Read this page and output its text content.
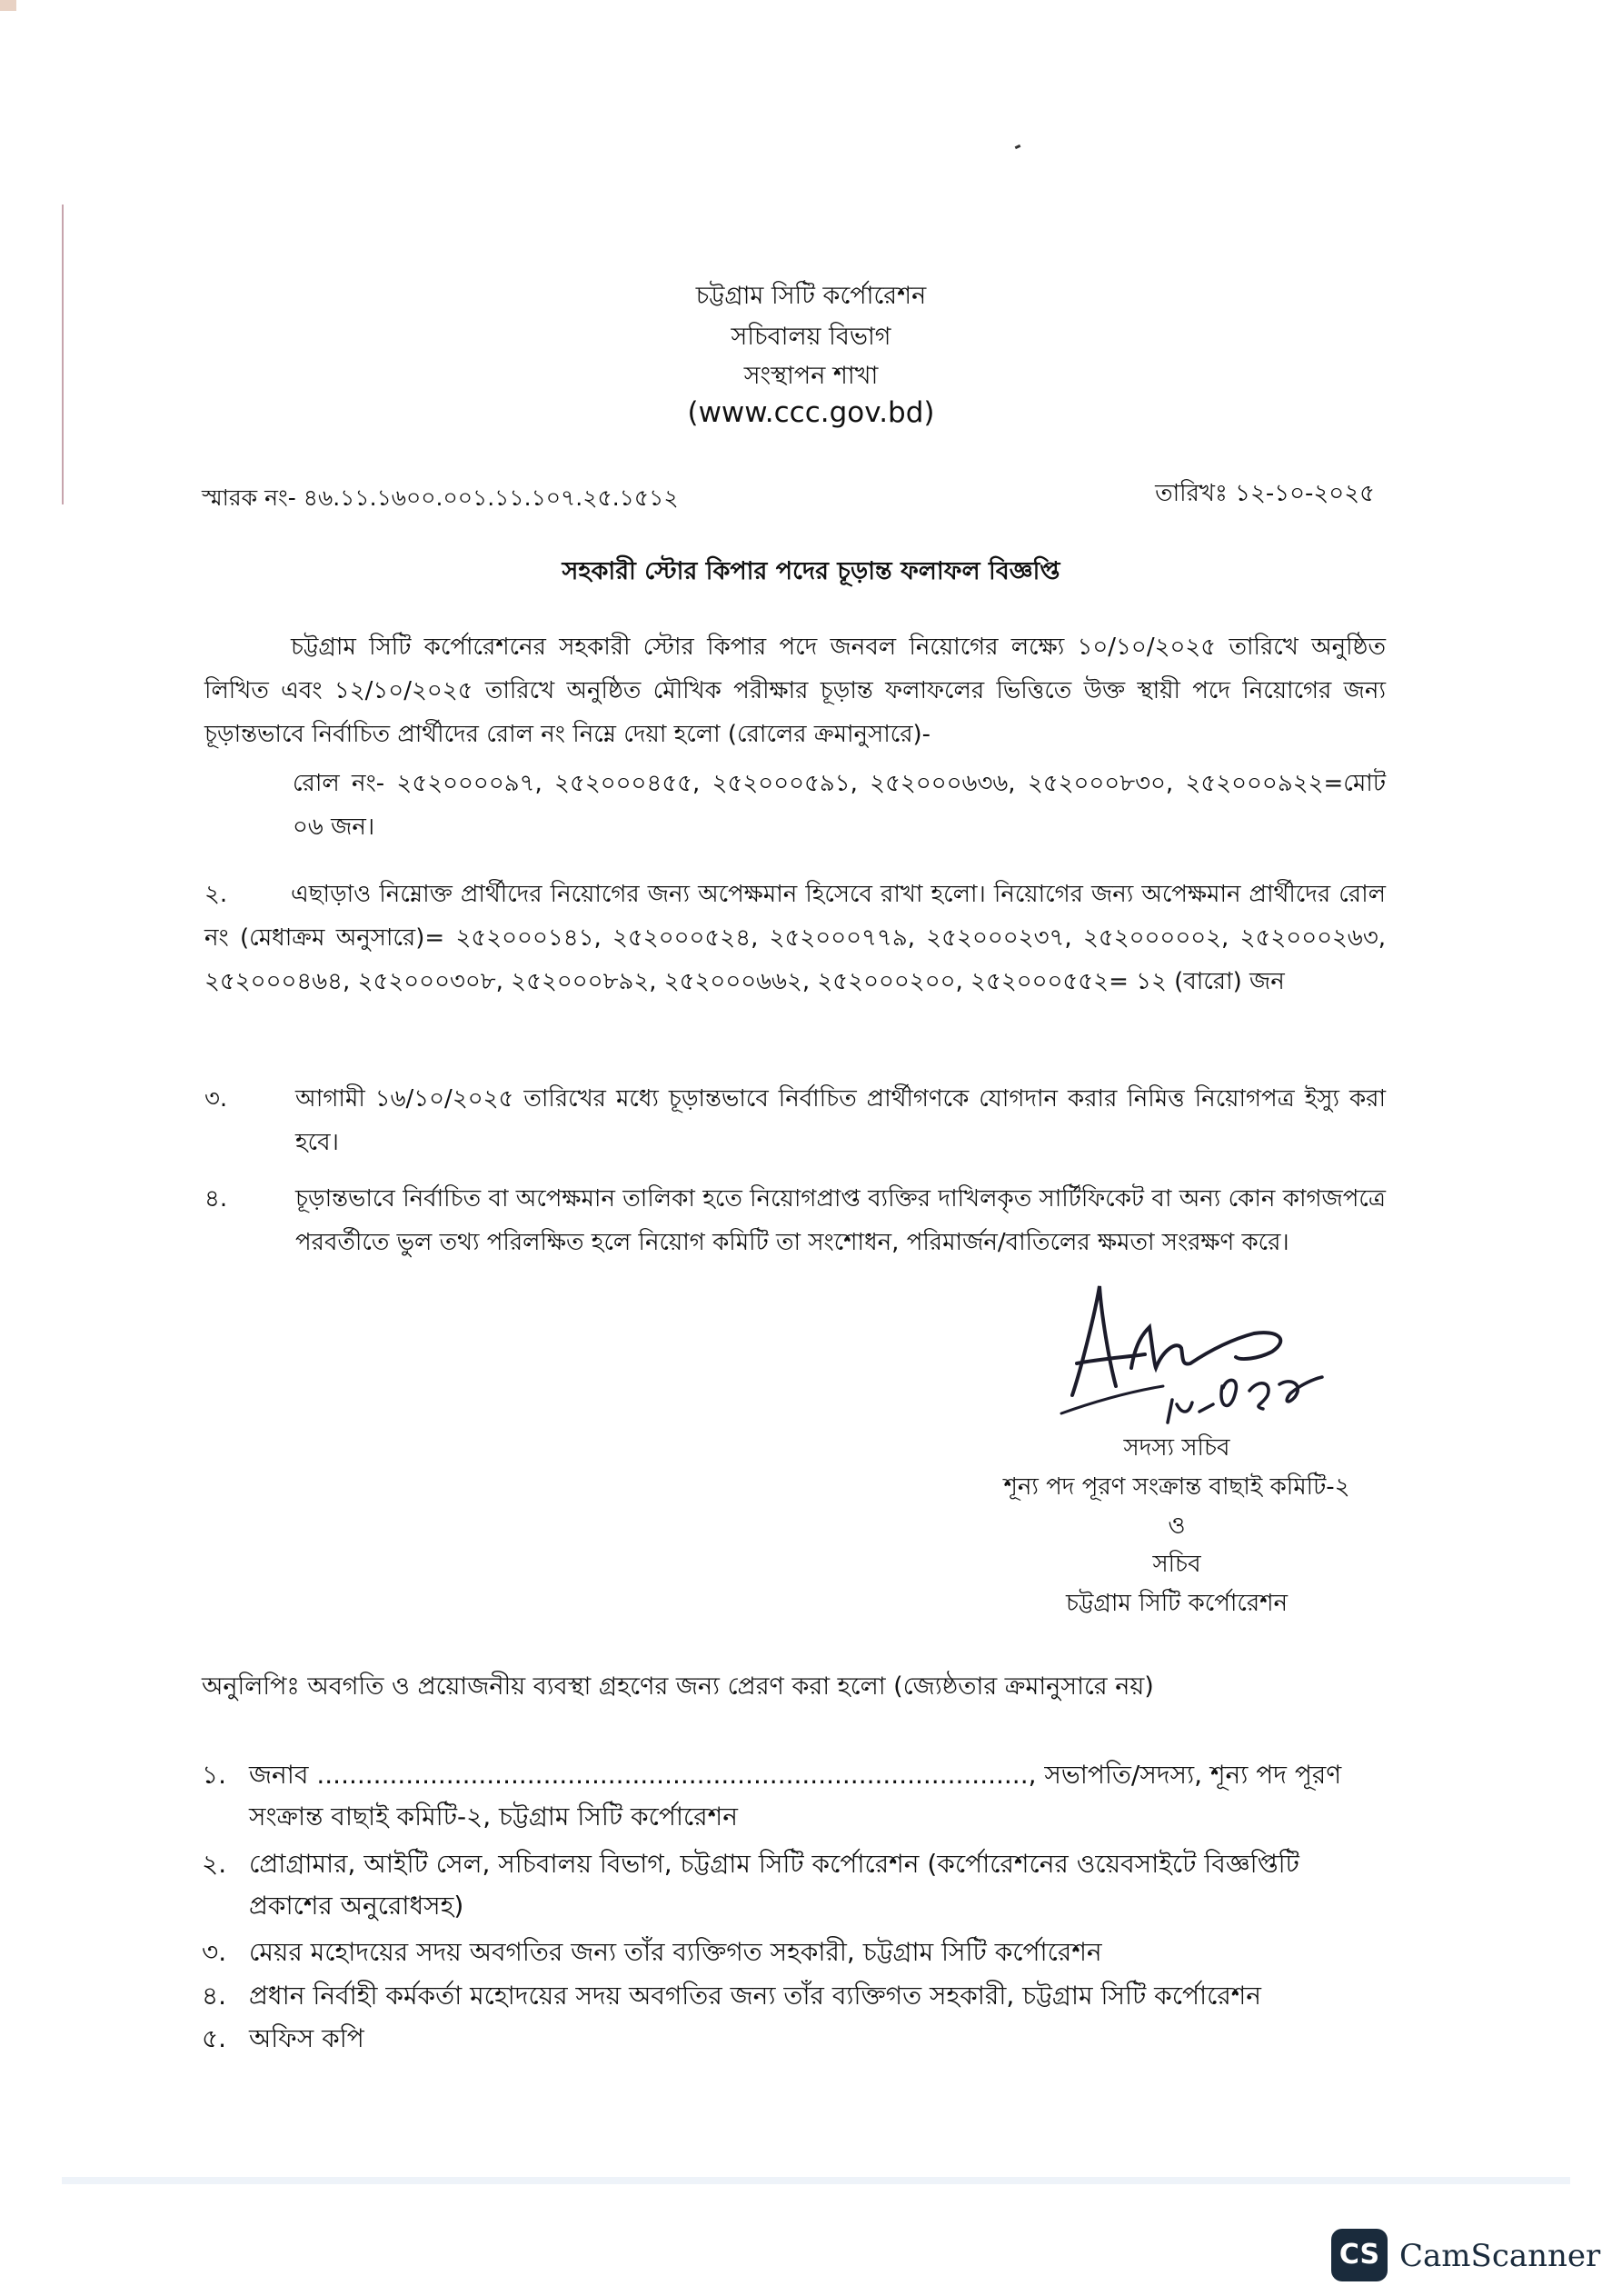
চট্টগ্রাম সিটি কর্পোরেশন
সচিবালয় বিভাগ
সংস্থাপন শাখা
(www.ccc.gov.bd)
স্মারক নং- ৪৬.১১.১৬০০.০০১.১১.১০৭.২৫.১৫১২	তারিখঃ ১২-১০-২০২৫
সহকারী স্টোর কিপার পদের চূড়ান্ত ফলাফল বিজ্ঞপ্তি
চট্টগ্রাম সিটি কর্পোরেশনের সহকারী স্টোর কিপার পদে জনবল নিয়োগের লক্ষ্যে ১০/১০/২০২৫ তারিখে অনুষ্ঠিত লিখিত এবং ১২/১০/২০২৫ তারিখে অনুষ্ঠিত মৌখিক পরীক্ষার চূড়ান্ত ফলাফলের ভিত্তিতে উক্ত স্থায়ী পদে নিয়োগের জন্য চূড়ান্তভাবে নির্বাচিত প্রার্থীদের রোল নং নিম্নে দেয়া হলো (রোলের ক্রমানুসারে)-
রোল নং- ২৫২০০০০৯৭, ২৫২০০০৪৫৫, ২৫২০০০৫৯১, ২৫২০০০৬৩৬, ২৫২০০০৮৩০, ২৫২০০০৯২২=মোট ০৬ জন।
২.	এছাড়াও নিম্নোক্ত প্রার্থীদের নিয়োগের জন্য অপেক্ষমান হিসেবে রাখা হলো। নিয়োগের জন্য অপেক্ষমান প্রার্থীদের রোল নং (মেধাক্রম অনুসারে)= ২৫২০০০১৪১, ২৫২০০০৫২৪, ২৫২০০০৭৭৯, ২৫২০০০২৩৭, ২৫২০০০০০২, ২৫২০০০২৬৩, ২৫২০০০৪৬৪, ২৫২০০০৩০৮, ২৫২০০০৮৯২, ২৫২০০০৬৬২, ২৫২০০০২০০, ২৫২০০০৫৫২= ১২ (বারো) জন
৩.	আগামী ১৬/১০/২০২৫ তারিখের মধ্যে চূড়ান্তভাবে নির্বাচিত প্রার্থীগণকে যোগদান করার নিমিত্ত নিয়োগপত্র ইস্যু করা হবে।
৪.	চূড়ান্তভাবে নির্বাচিত বা অপেক্ষমান তালিকা হতে নিয়োগপ্রাপ্ত ব্যক্তির দাখিলকৃত সার্টিফিকেট বা অন্য কোন কাগজপত্রে পরবর্তীতে ভুল তথ্য পরিলক্ষিত হলে নিয়োগ কমিটি তা সংশোধন, পরিমার্জন/বাতিলের ক্ষমতা সংরক্ষণ করে।
সদস্য সচিব
শূন্য পদ পূরণ সংক্রান্ত বাছাই কমিটি-২
ও
সচিব
চট্টগ্রাম সিটি কর্পোরেশন
অনুলিপিঃ অবগতি ও প্রয়োজনীয় ব্যবস্থা গ্রহণের জন্য প্রেরণ করা হলো (জ্যেষ্ঠতার ক্রমানুসারে নয়)
১. জনাব ........................................................................................, সভাপতি/সদস্য, শূন্য পদ পূরণ সংক্রান্ত বাছাই কমিটি-২, চট্টগ্রাম সিটি কর্পোরেশন
২. প্রোগ্রামার, আইটি সেল, সচিবালয় বিভাগ, চট্টগ্রাম সিটি কর্পোরেশন (কর্পোরেশনের ওয়েবসাইটে বিজ্ঞপ্তিটি প্রকাশের অনুরোধসহ)
৩. মেয়র মহোদয়ের সদয় অবগতির জন্য তাঁর ব্যক্তিগত সহকারী, চট্টগ্রাম সিটি কর্পোরেশন
৪. প্রধান নির্বাহী কর্মকর্তা মহোদয়ের সদয় অবগতির জন্য তাঁর ব্যক্তিগত সহকারী, চট্টগ্রাম সিটি কর্পোরেশন
৫. অফিস কপি
CS CamScanner
